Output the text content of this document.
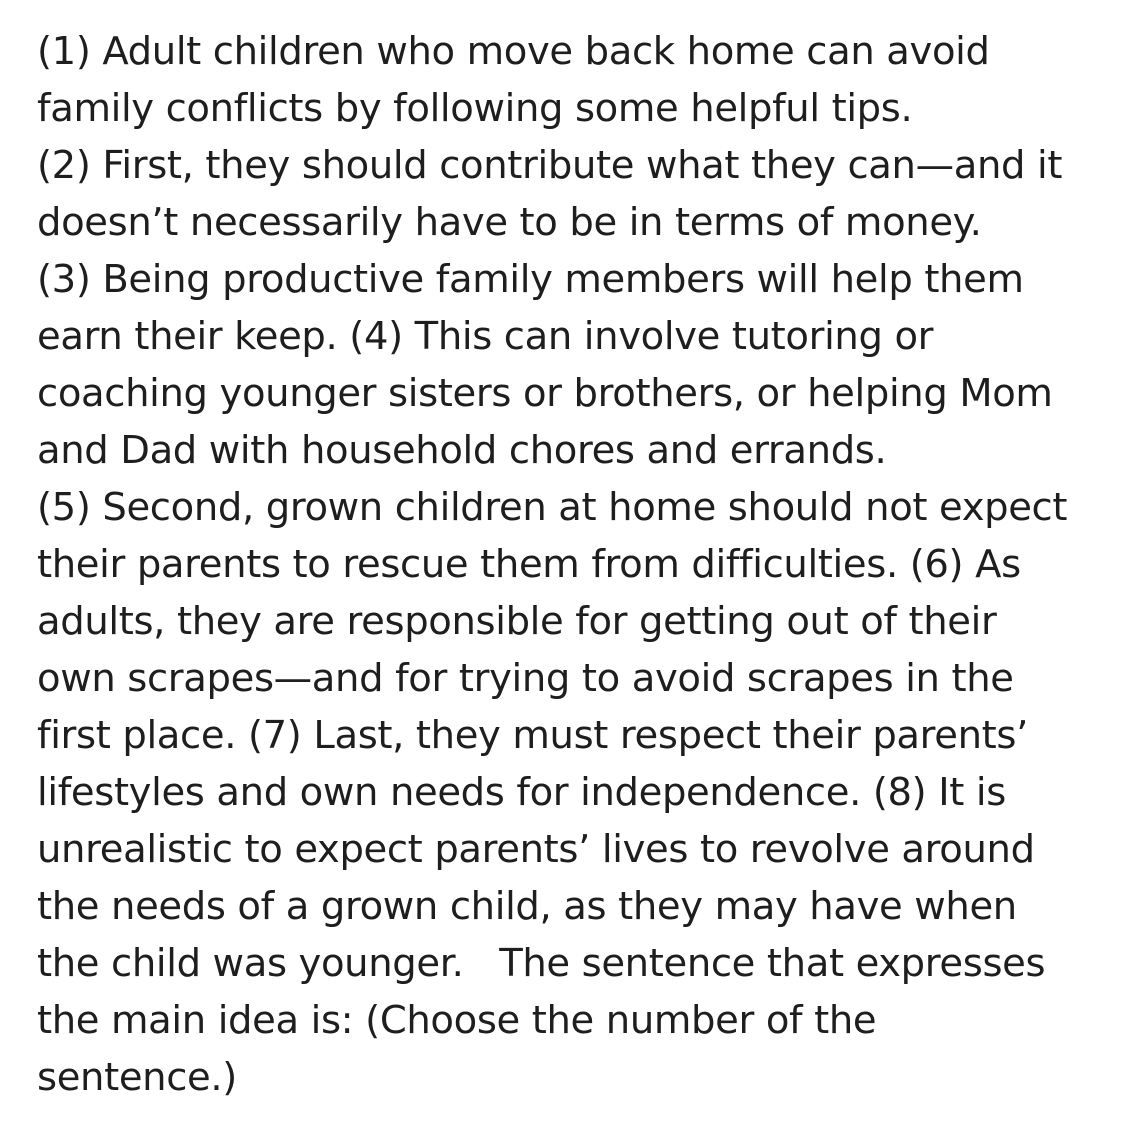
(1) Adult children who move back home can avoid
family conflicts by following some helpful tips.
(2) First, they should contribute what they can—and it
doesn’t necessarily have to be in terms of money.
(3) Being productive family members will help them
earn their keep. (4) This can involve tutoring or
coaching younger sisters or brothers, or helping Mom
and Dad with household chores and errands.
(5) Second, grown children at home should not expect
their parents to rescue them from difficulties. (6) As
adults, they are responsible for getting out of their
own scrapes—and for trying to avoid scrapes in the
first place. (7) Last, they must respect their parents’
lifestyles and own needs for independence. (8) It is
unrealistic to expect parents’ lives to revolve around
the needs of a grown child, as they may have when
the child was younger.   The sentence that expresses
the main idea is: (Choose the number of the
sentence.)
